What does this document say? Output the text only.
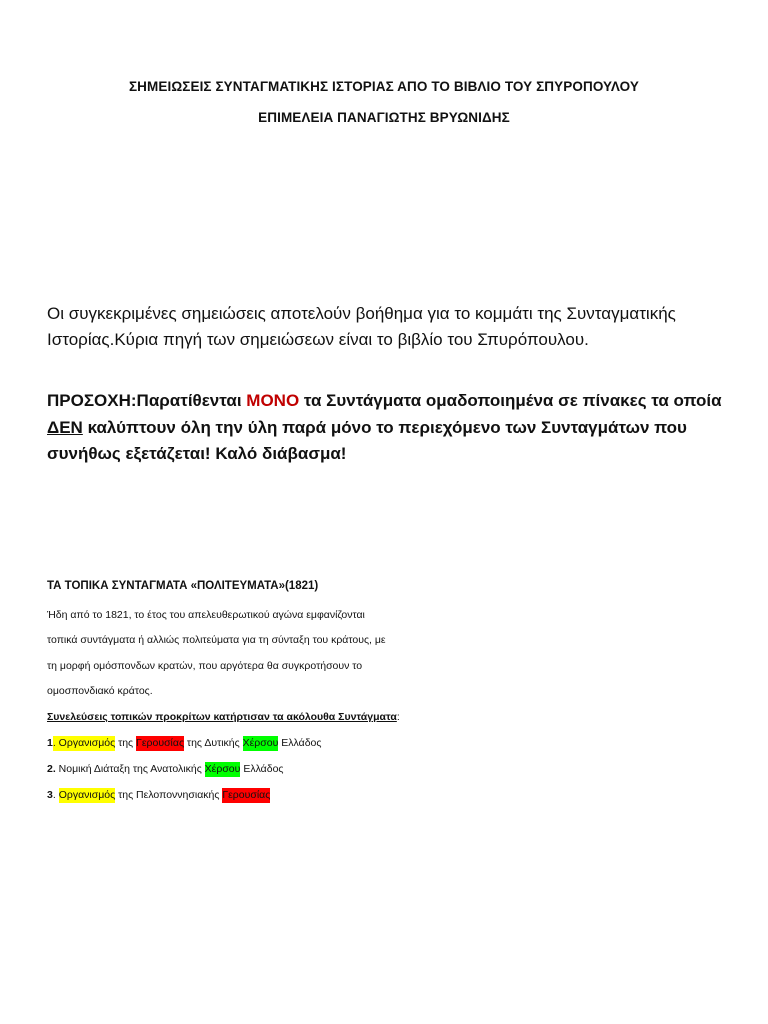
ΣΗΜΕΙΩΣΕΙΣ ΣΥΝΤΑΓΜΑΤΙΚΗΣ ΙΣΤΟΡΙΑΣ ΑΠΟ ΤΟ ΒΙΒΛΙΟ ΤΟΥ ΣΠΥΡΟΠΟΥΛΟΥ
ΕΠΙΜΕΛΕΙΑ ΠΑΝΑΓΙΩΤΗΣ ΒΡΥΩΝΙΔΗΣ
Οι συγκεκριμένες σημειώσεις αποτελούν βοήθημα για το κομμάτι της Συνταγματικής Ιστορίας.Κύρια πηγή των σημειώσεων είναι το βιβλίο του Σπυρόπουλου.
ΠΡΟΣΟΧΗ:Παρατίθενται ΜΟΝΟ τα Συντάγματα ομαδοποιημένα σε πίνακες τα οποία ΔΕΝ καλύπτουν όλη την ύλη παρά μόνο το περιεχόμενο των Συνταγμάτων που συνήθως εξετάζεται! Καλό διάβασμα!
ΤΑ ΤΟΠΙΚΑ ΣΥΝΤΑΓΜΑΤΑ «ΠΟΛΙΤΕΥΜΑΤΑ»(1821)
Ήδη από το 1821, το έτος του απελευθερωτικού αγώνα εμφανίζονται
τοπικά συντάγματα ή αλλιώς πολιτεύματα για τη σύνταξη του κράτους, με
τη μορφή ομόσπονδων κρατών, που αργότερα θα συγκροτήσουν το
ομοσπονδιακό κράτος.
Συνελεύσεις τοπικών προκρίτων κατήρτισαν τα ακόλουθα Συντάγματα:
1. Οργανισμός της Γερουσίας της Δυτικής Χέρσου Ελλάδος
2. Νομική Διάταξη της Ανατολικής Χέρσου Ελλάδος
3. Οργανισμός της Πελοποννησιακής Γερουσίας
